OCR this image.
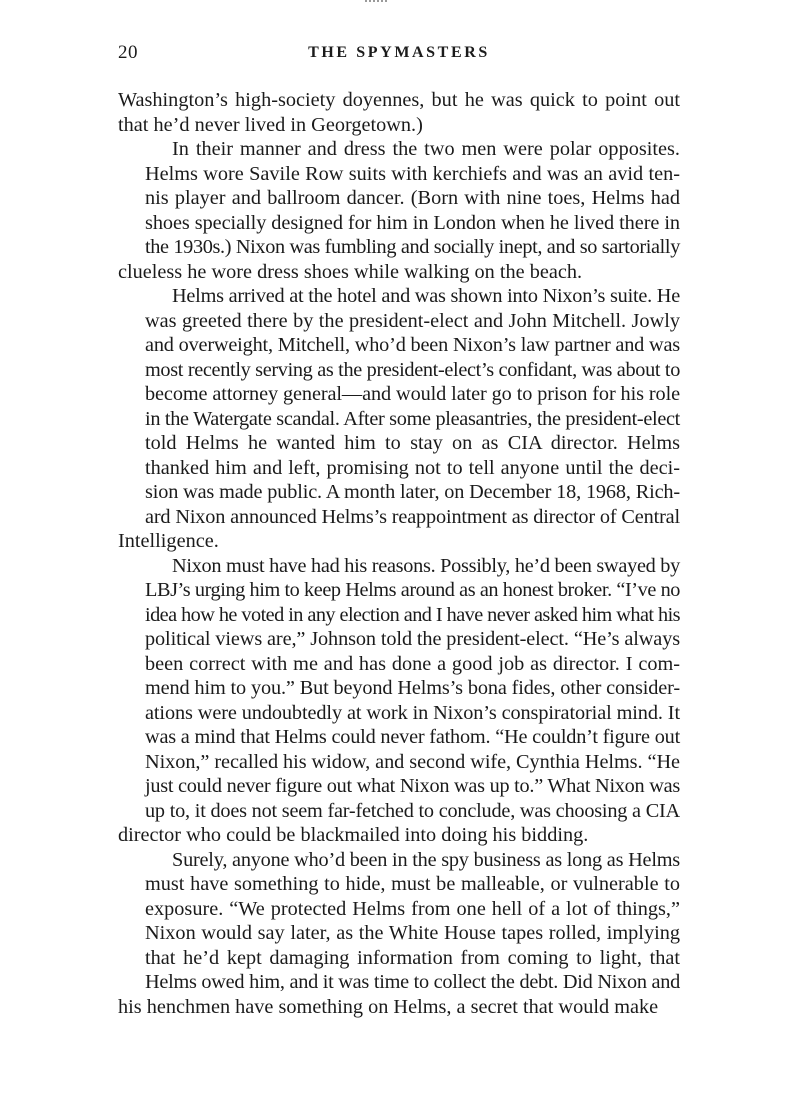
20	THE SPYMASTERS

Washington’s high-society doyennes, but he was quick to point out
that he’d never lived in Georgetown.)

In their manner and dress the two men were polar opposites.
Helms wore Savile Row suits with kerchiefs and was an avid ten-
nis player and ballroom dancer. (Born with nine toes, Helms had
shoes specially designed for him in London when he lived there in
the 1930s.) Nixon was fumbling and socially inept, and so sartorially
clueless he wore dress shoes while walking on the beach.

Helms arrived at the hotel and was shown into Nixon’s suite. He
was greeted there by the president-elect and John Mitchell. Jowly
and overweight, Mitchell, who’d been Nixon’s law partner and was
most recently serving as the president-elect’s confidant, was about to
become attorney general—and would later go to prison for his role
in the Watergate scandal. After some pleasantries, the president-elect
told Helms he wanted him to stay on as CIA director. Helms
thanked him and left, promising not to tell anyone until the deci-
sion was made public. A month later, on December 18, 1968, Rich-
ard Nixon announced Helms’s reappointment as director of Central
Intelligence.

Nixon must have had his reasons. Possibly, he’d been swayed by
LBJ’s urging him to keep Helms around as an honest broker. “I’ve no
idea how he voted in any election and I have never asked him what his
political views are,” Johnson told the president-elect. “He’s always
been correct with me and has done a good job as director. I com-
mend him to you.” But beyond Helms’s bona fides, other consider-
ations were undoubtedly at work in Nixon’s conspiratorial mind. It
was a mind that Helms could never fathom. “He couldn’t figure out
Nixon,” recalled his widow, and second wife, Cynthia Helms. “He
just could never figure out what Nixon was up to.” What Nixon was
up to, it does not seem far-fetched to conclude, was choosing a CIA
director who could be blackmailed into doing his bidding.

Surely, anyone who’d been in the spy business as long as Helms
must have something to hide, must be malleable, or vulnerable to
exposure. “We protected Helms from one hell of a lot of things,”
Nixon would say later, as the White House tapes rolled, implying
that he’d kept damaging information from coming to light, that
Helms owed him, and it was time to collect the debt. Did Nixon and
his henchmen have something on Helms, a secret that would make
